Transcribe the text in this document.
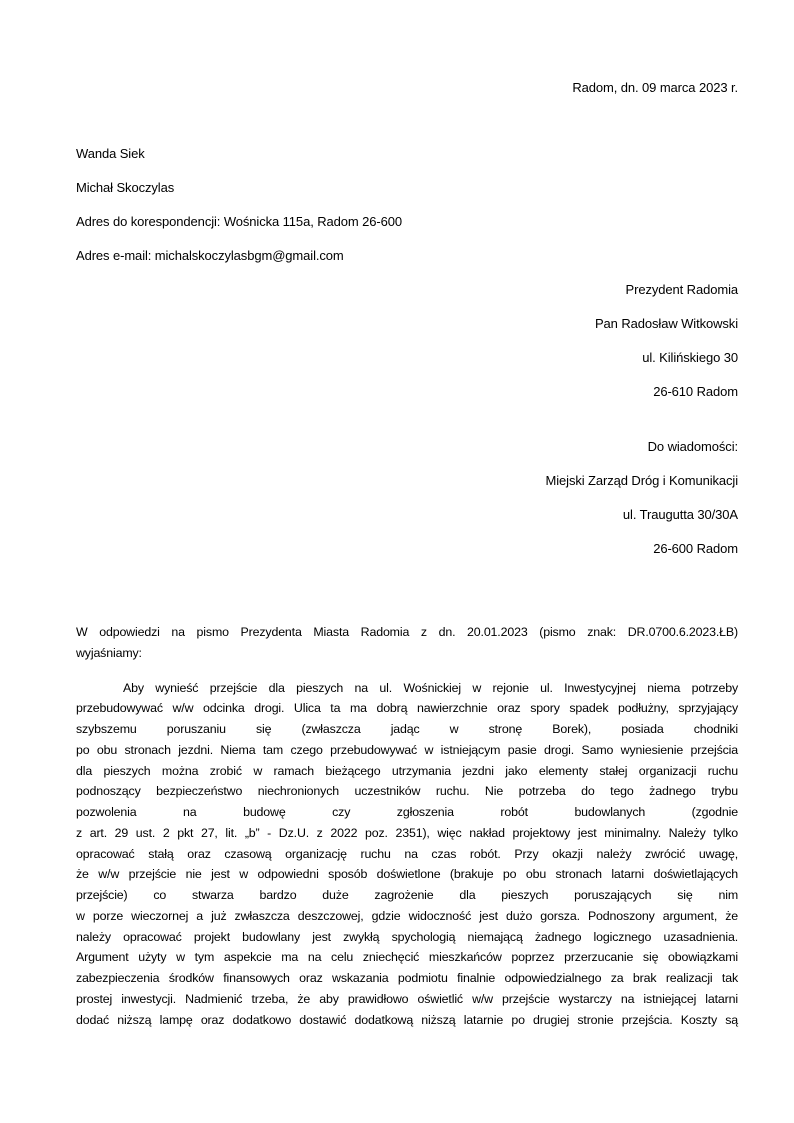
Radom, dn. 09 marca 2023 r.
Wanda Siek
Michał Skoczylas
Adres do korespondencji: Wośnicka 115a, Radom 26-600
Adres e-mail: michalskoczylasbgm@gmail.com
Prezydent Radomia
Pan Radosław Witkowski
ul. Kilińskiego 30
26-610 Radom
Do wiadomości:
Miejski Zarząd Dróg i Komunikacji
ul. Traugutta 30/30A
26-600 Radom
W odpowiedzi na pismo Prezydenta Miasta Radomia z dn. 20.01.2023 (pismo znak: DR.0700.6.2023.ŁB)
wyjaśniamy:
Aby wynieść przejście dla pieszych na ul. Wośnickiej w rejonie ul. Inwestycyjnej niema potrzeby
przebudowywać w/w odcinka drogi. Ulica ta ma dobrą nawierzchnie oraz spory spadek podłużny, sprzyjający
szybszemu poruszaniu się (zwłaszcza jadąc w stronę Borek), posiada chodniki
po obu stronach jezdni. Niema tam czego przebudowywać w istniejącym pasie drogi. Samo wyniesienie przejścia
dla pieszych można zrobić w ramach bieżącego utrzymania jezdni jako elementy stałej organizacji ruchu
podnoszący bezpieczeństwo niechronionych uczestników ruchu. Nie potrzeba do tego żadnego trybu
pozwolenia na budowę czy zgłoszenia robót budowlanych (zgodnie
z art. 29 ust. 2 pkt 27, lit. „b” - Dz.U. z 2022 poz. 2351), więc nakład projektowy jest minimalny. Należy tylko
opracować stałą oraz czasową organizację ruchu na czas robót. Przy okazji należy zwrócić uwagę,
że w/w przejście nie jest w odpowiedni sposób doświetlone (brakuje po obu stronach latarni doświetlających
przejście) co stwarza bardzo duże zagrożenie dla pieszych poruszających się nim
w porze wieczornej a już zwłaszcza deszczowej, gdzie widoczność jest dużo gorsza. Podnoszony argument, że
należy opracować projekt budowlany jest zwykłą spychologią niemającą żadnego logicznego uzasadnienia.
Argument użyty w tym aspekcie ma na celu zniechęcić mieszkańców poprzez przerzucanie się obowiązkami
zabezpieczenia środków finansowych oraz wskazania podmiotu finalnie odpowiedzialnego za brak realizacji tak
prostej inwestycji. Nadmienić trzeba, że aby prawidłowo oświetlić w/w przejście wystarczy na istniejącej latarni
dodać niższą lampę oraz dodatkowo dostawić dodatkową niższą latarnie po drugiej stronie przejścia. Koszty są
